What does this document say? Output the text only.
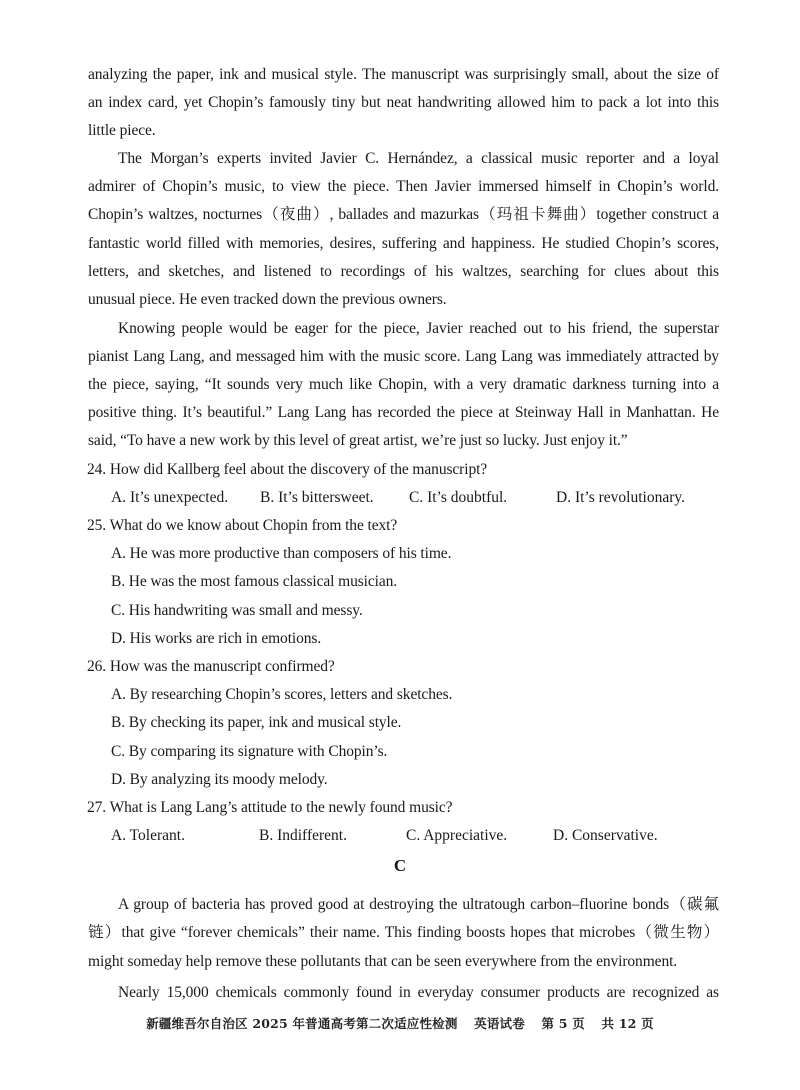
analyzing the paper, ink and musical style. The manuscript was surprisingly small, about the size of
an index card, yet Chopin’s famously tiny but neat handwriting allowed him to pack a lot into this
little piece.
The Morgan’s experts invited Javier C. Hernández, a classical music reporter and a loyal
admirer of Chopin’s music, to view the piece. Then Javier immersed himself in Chopin’s world.
Chopin’s waltzes, nocturnes（夜曲）, ballades and mazurkas（玛祖卡舞曲）together construct a
fantastic world filled with memories, desires, suffering and happiness. He studied Chopin’s scores,
letters, and sketches, and listened to recordings of his waltzes, searching for clues about this
unusual piece. He even tracked down the previous owners.
Knowing people would be eager for the piece, Javier reached out to his friend, the superstar
pianist Lang Lang, and messaged him with the music score. Lang Lang was immediately attracted by
the piece, saying, “It sounds very much like Chopin, with a very dramatic darkness turning into a
positive thing. It’s beautiful.” Lang Lang has recorded the piece at Steinway Hall in Manhattan. He
said, “To have a new work by this level of great artist, we’re just so lucky. Just enjoy it.”
24. How did Kallberg feel about the discovery of the manuscript?
A. It’s unexpected. B. It’s bittersweet. C. It’s doubtful.	D. It’s revolutionary.
25. What do we know about Chopin from the text?
A. He was more productive than composers of his time.
B. He was the most famous classical musician.
C. His handwriting was small and messy.
D. His works are rich in emotions.
26. How was the manuscript confirmed?
A. By researching Chopin’s scores, letters and sketches.
B. By checking its paper, ink and musical style.
C. By comparing its signature with Chopin’s.
D. By analyzing its moody melody.
27. What is Lang Lang’s attitude to the newly found music?
A. Tolerant.	B. Indifferent.	C. Appreciative.	D. Conservative.
C
A group of bacteria has proved good at destroying the ultratough carbon–fluorine bonds（碳氟
链）that give “forever chemicals” their name. This finding boosts hopes that microbes（微生物）
might someday help remove these pollutants that can be seen everywhere from the environment.
Nearly 15,000 chemicals commonly found in everyday consumer products are recognized as
新疆维吾尔自治区 2025 年普通高考第二次适应性检测 英语试卷 第 5 页 共 12 页
